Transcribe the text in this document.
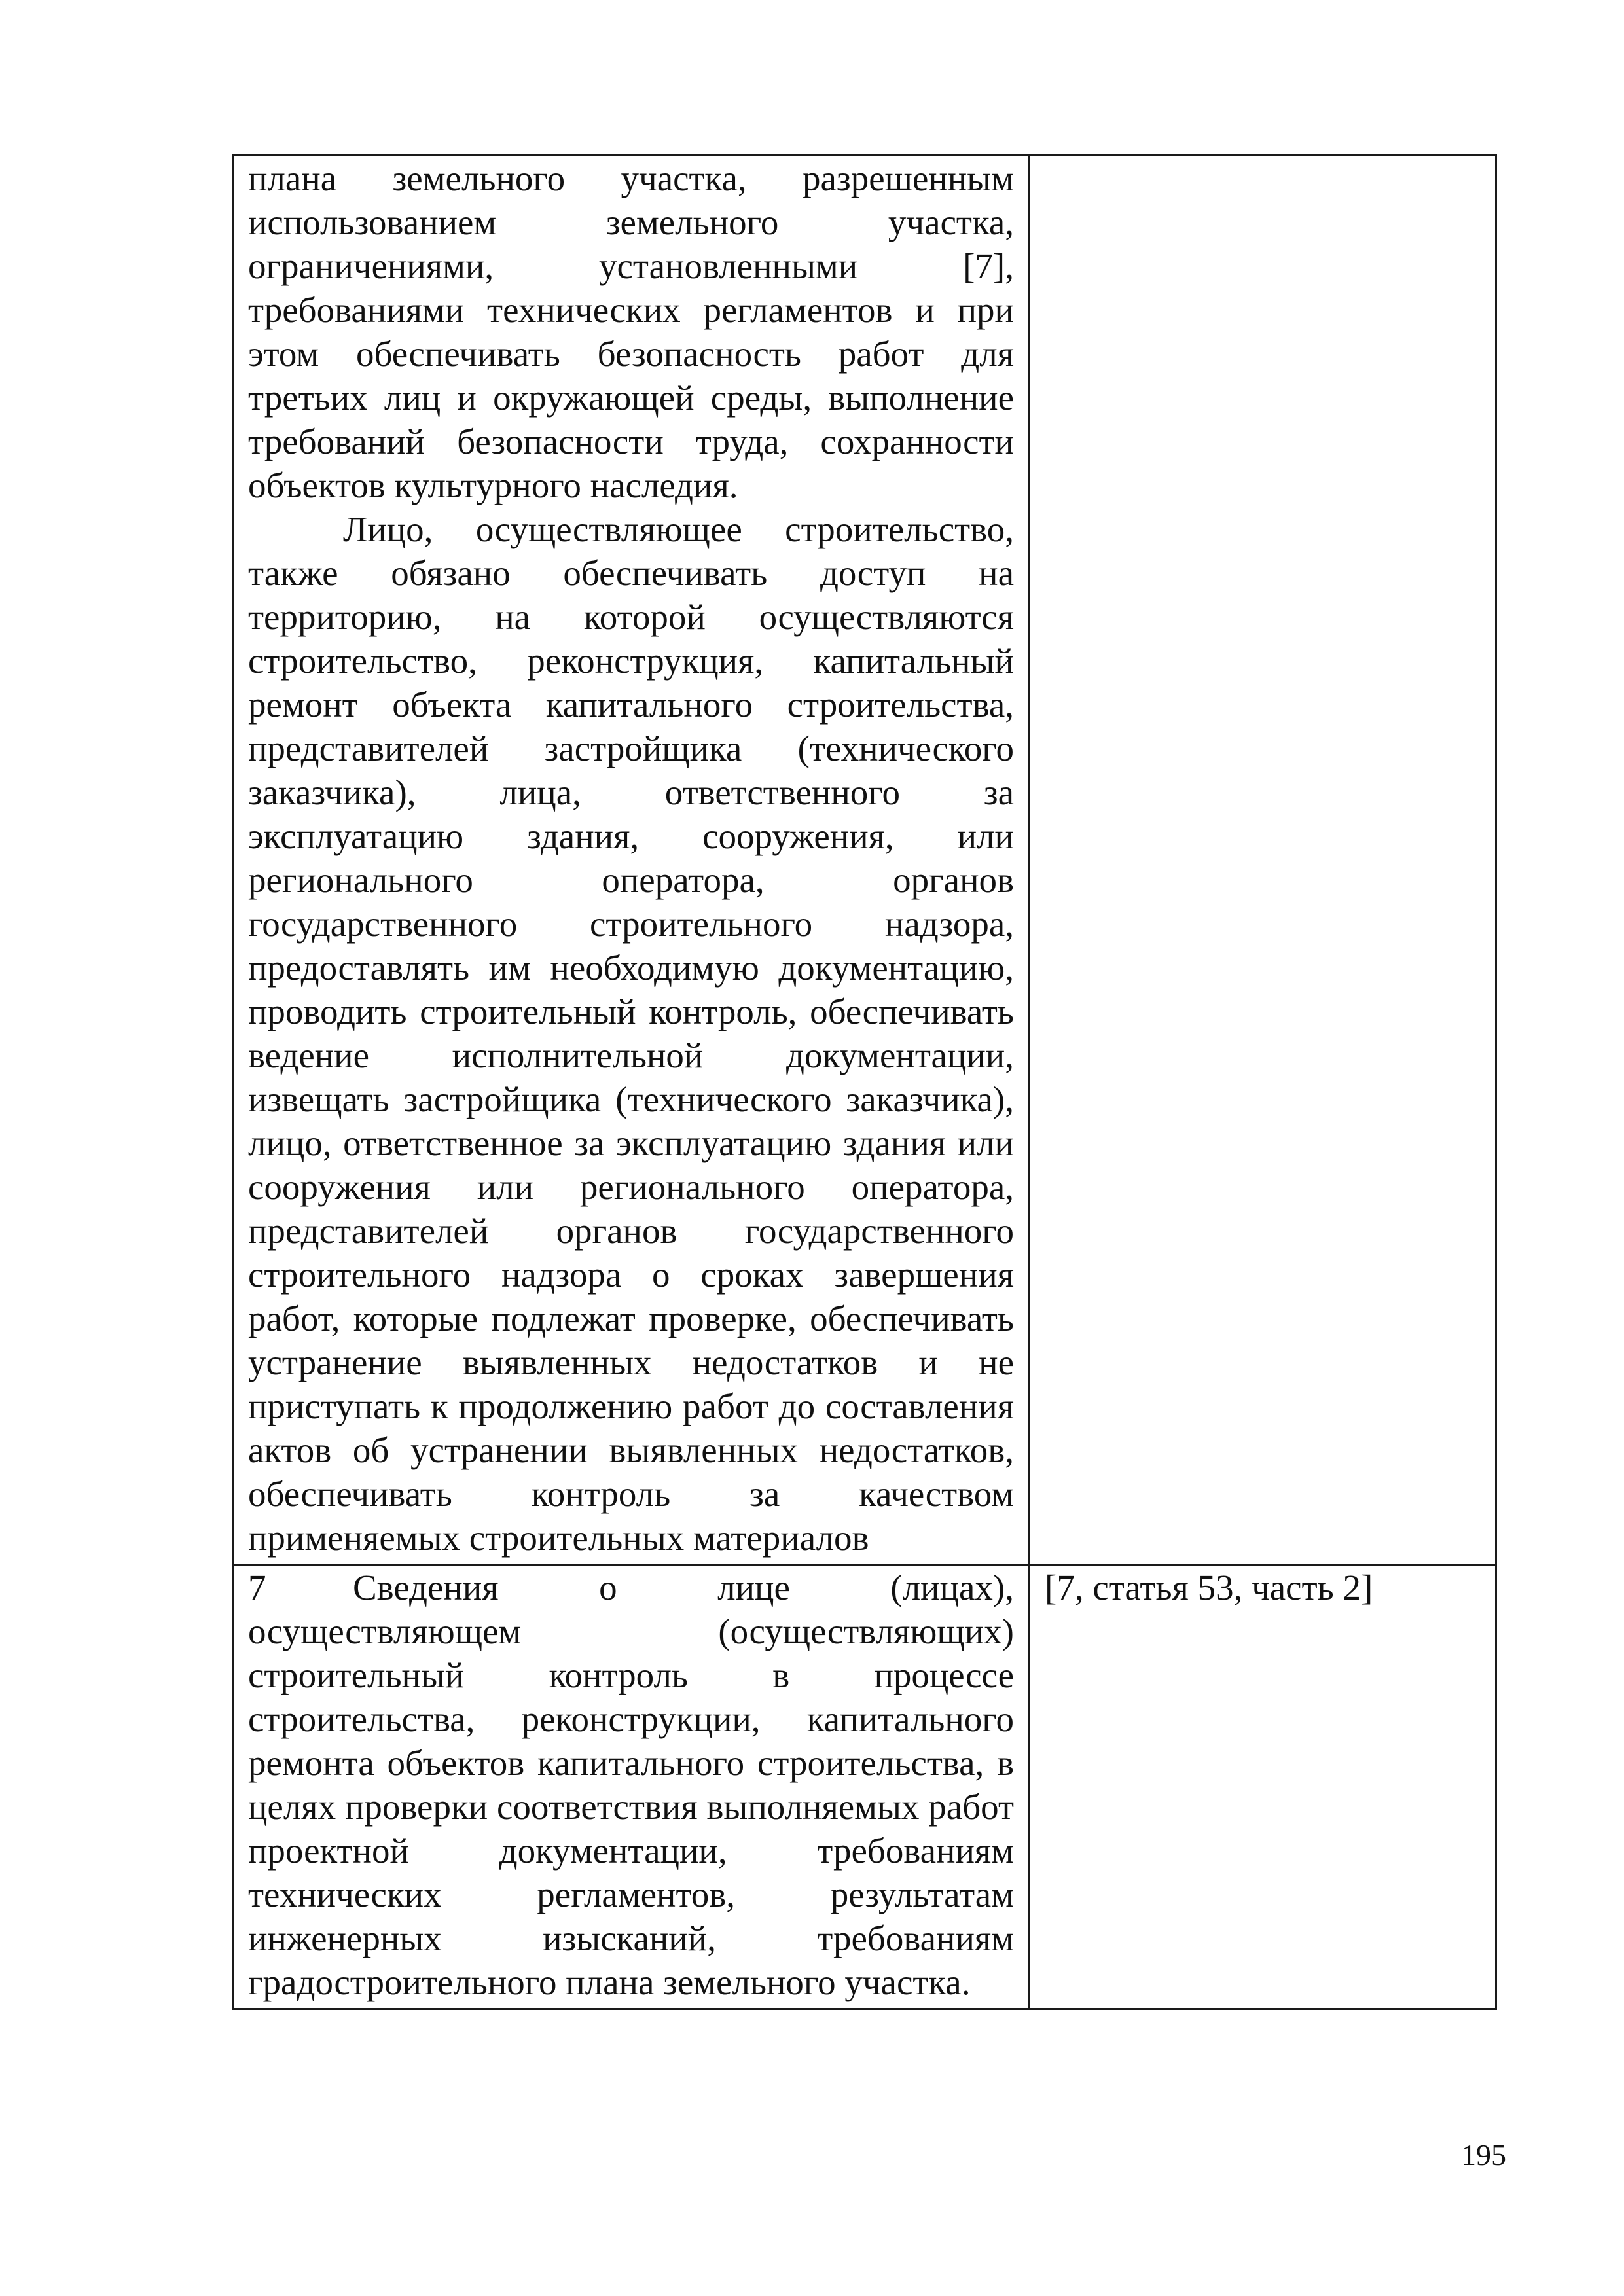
плана земельного участка, разрешенным использованием земельного участка, ограничениями, установленными [7], требованиями технических регламентов и при этом обеспечивать безопасность работ для третьих лиц и окружающей среды, выполнение требований безопасности труда, сохранности объектов культурного наследия.

Лицо, осуществляющее строительство, также обязано обеспечивать доступ на территорию, на которой осуществляются строительство, реконструкция, капитальный ремонт объекта капитального строительства, представителей застройщика (технического заказчика), лица, ответственного за эксплуатацию здания, сооружения, или регионального оператора, органов государственного строительного надзора, предоставлять им необходимую документацию, проводить строительный контроль, обеспечивать ведение исполнительной документации, извещать застройщика (технического заказчика), лицо, ответственное за эксплуатацию здания или сооружения или регионального оператора, представителей органов государственного строительного надзора о сроках завершения работ, которые подлежат проверке, обеспечивать устранение выявленных недостатков и не приступать к продолжению работ до составления актов об устранении выявленных недостатков, обеспечивать контроль за качеством применяемых строительных материалов	

7 Сведения о лице (лицах), осуществляющем (осуществляющих) строительный контроль в процессе строительства, реконструкции, капитального ремонта объектов капитального строительства, в целях проверки соответствия выполняемых работ проектной документации, требованиям технических регламентов, результатам инженерных изысканий, требованиям градостроительного плана земельного участка.	[7, статья 53, часть 2]

195
